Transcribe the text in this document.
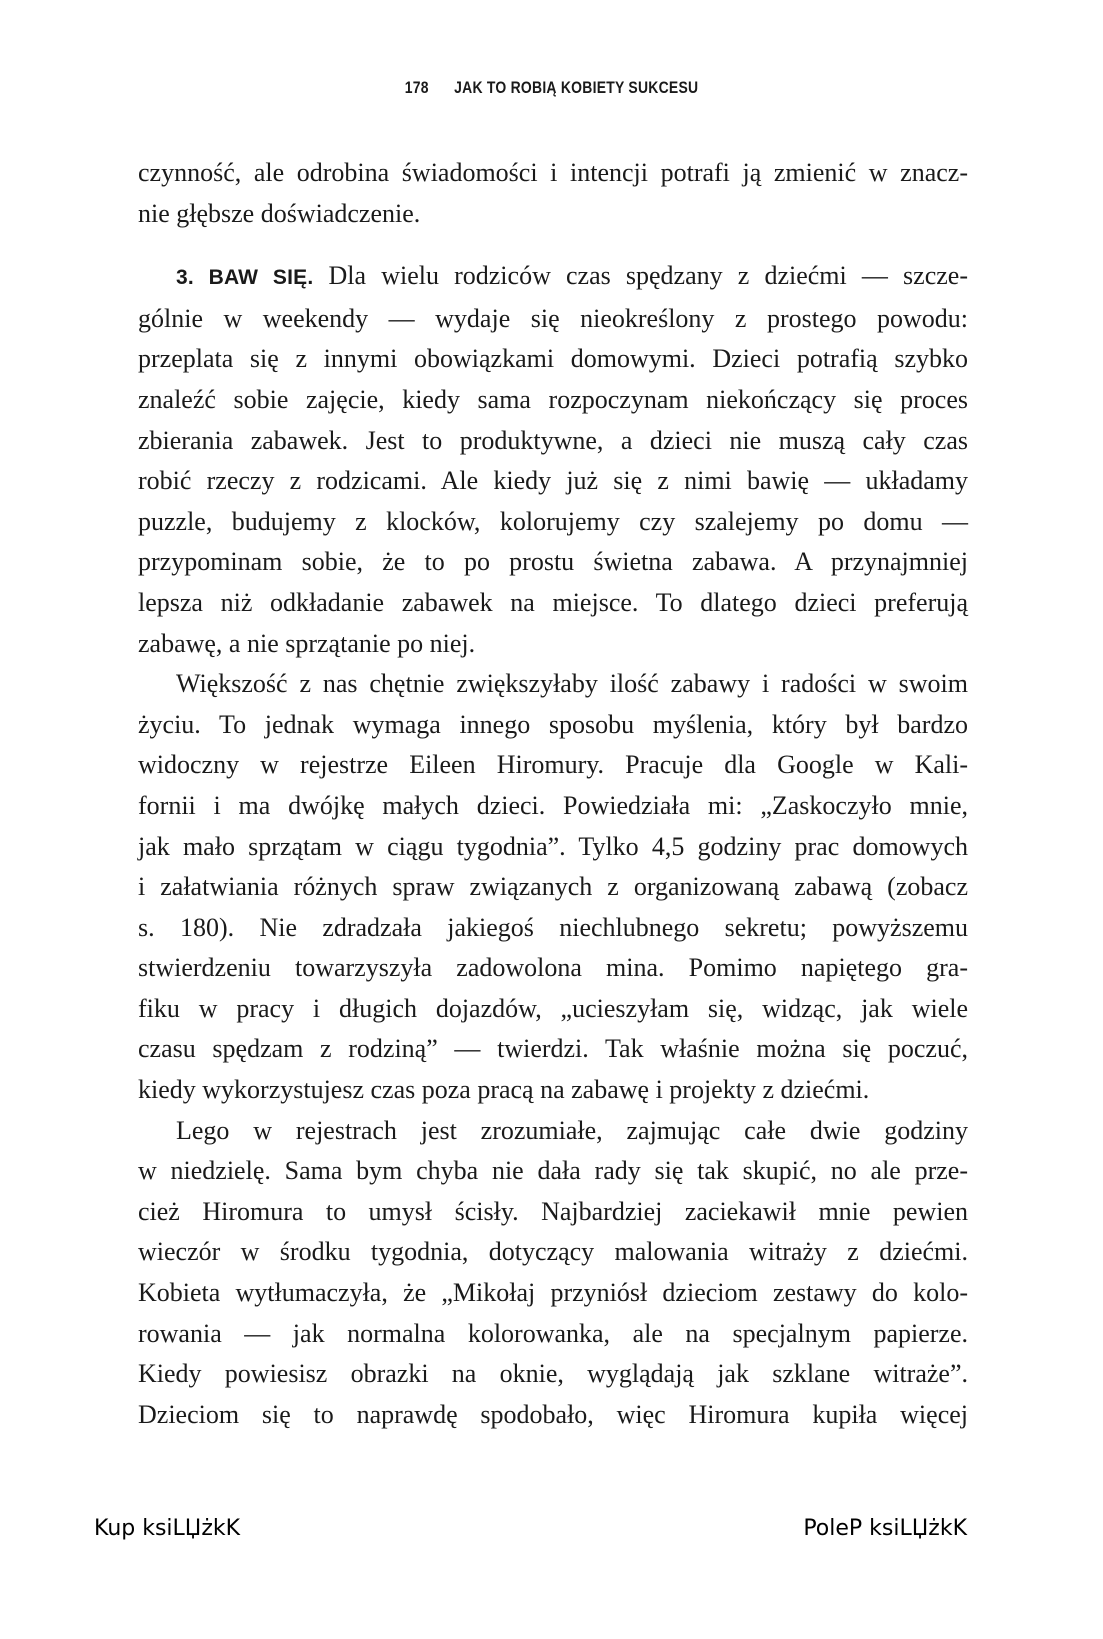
178 JAK TO ROBIĄ KOBIETY SUKCESU
czynność, ale odrobina świadomości i intencji potrafi ją zmienić w znacz-
nie głębsze doświadczenie.
3. BAW SIĘ. Dla wielu rodziców czas spędzany z dziećmi — szcze-
gólnie w weekendy — wydaje się nieokreślony z prostego powodu:
przeplata się z innymi obowiązkami domowymi. Dzieci potrafią szybko
znaleźć sobie zajęcie, kiedy sama rozpoczynam niekończący się proces
zbierania zabawek. Jest to produktywne, a dzieci nie muszą cały czas
robić rzeczy z rodzicami. Ale kiedy już się z nimi bawię — układamy
puzzle, budujemy z klocków, kolorujemy czy szalejemy po domu —
przypominam sobie, że to po prostu świetna zabawa. A przynajmniej
lepsza niż odkładanie zabawek na miejsce. To dlatego dzieci preferują
zabawę, a nie sprzątanie po niej.
Większość z nas chętnie zwiększyłaby ilość zabawy i radości w swoim
życiu. To jednak wymaga innego sposobu myślenia, który był bardzo
widoczny w rejestrze Eileen Hiromury. Pracuje dla Google w Kali-
fornii i ma dwójkę małych dzieci. Powiedziała mi: „Zaskoczyło mnie,
jak mało sprzątam w ciągu tygodnia”. Tylko 4,5 godziny prac domowych
i załatwiania różnych spraw związanych z organizowaną zabawą (zobacz
s. 180). Nie zdradzała jakiegoś niechlubnego sekretu; powyższemu
stwierdzeniu towarzyszyła zadowolona mina. Pomimo napiętego gra-
fiku w pracy i długich dojazdów, „ucieszyłam się, widząc, jak wiele
czasu spędzam z rodziną” — twierdzi. Tak właśnie można się poczuć,
kiedy wykorzystujesz czas poza pracą na zabawę i projekty z dziećmi.
Lego w rejestrach jest zrozumiałe, zajmując całe dwie godziny
w niedzielę. Sama bym chyba nie dała rady się tak skupić, no ale prze-
cież Hiromura to umysł ścisły. Najbardziej zaciekawił mnie pewien
wieczór w środku tygodnia, dotyczący malowania witraży z dziećmi.
Kobieta wytłumaczyła, że „Mikołaj przyniósł dzieciom zestawy do kolo-
rowania — jak normalna kolorowanka, ale na specjalnym papierze.
Kiedy powiesisz obrazki na oknie, wyglądają jak szklane witraże”.
Dzieciom się to naprawdę spodobało, więc Hiromura kupiła więcej
Kup ksiLЏżkK	PoleP ksiLЏżkK
